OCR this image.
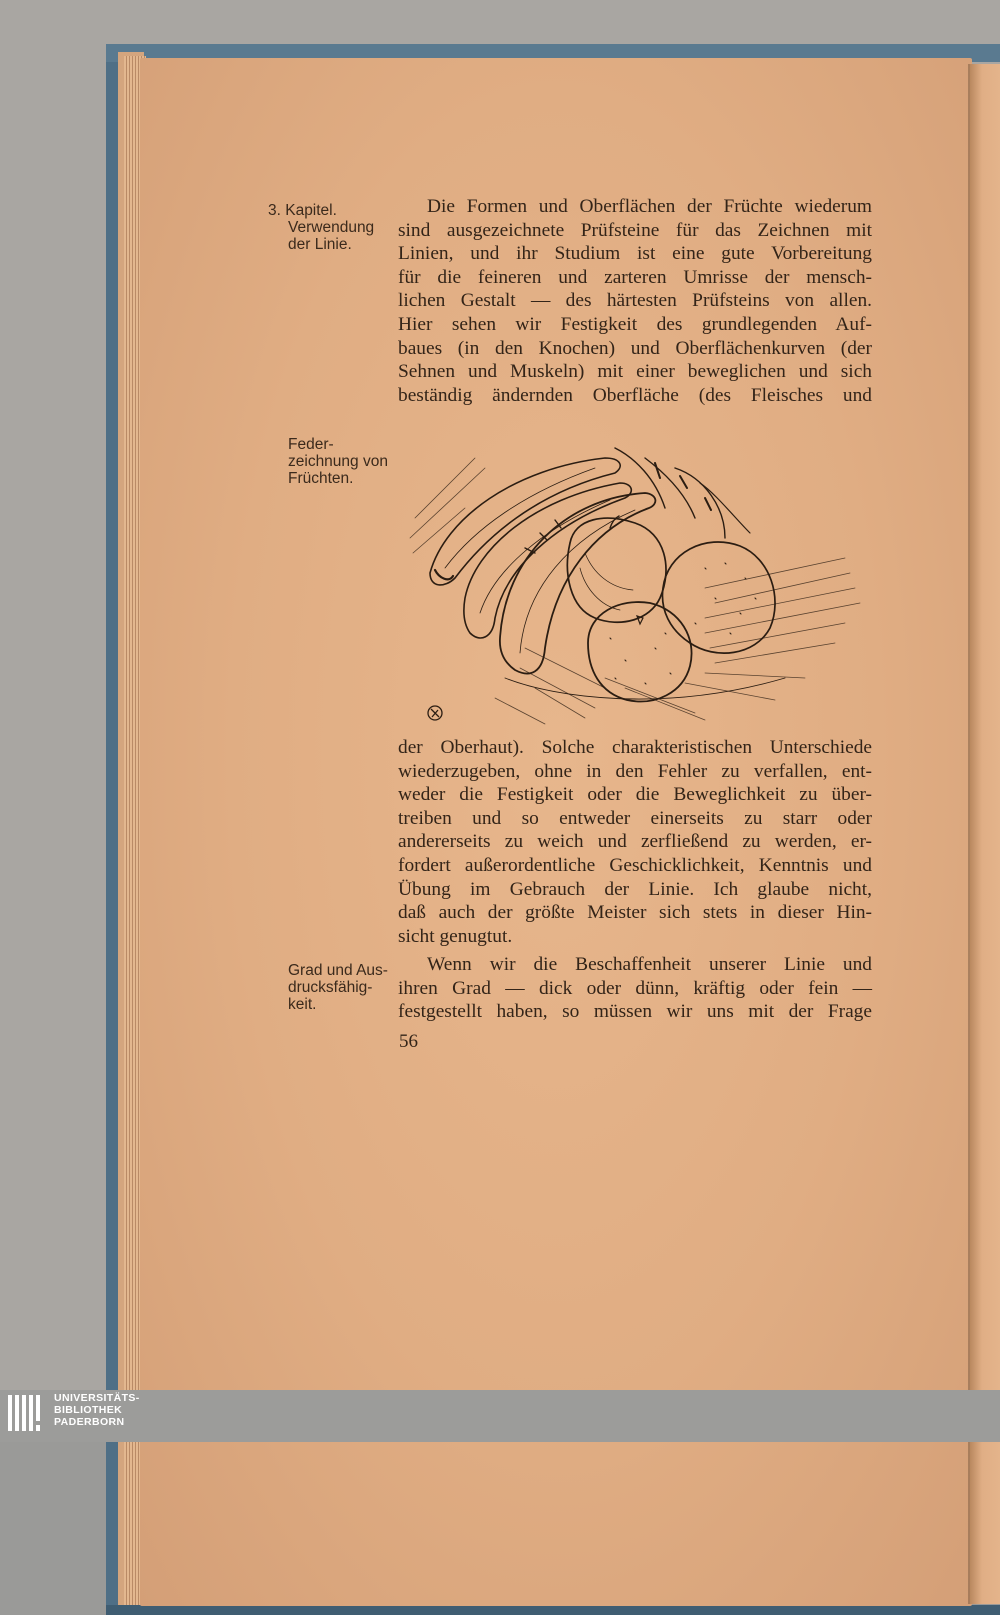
3. Kapitel.
Verwendung
der Linie.
Feder-
zeichnung von
Früchten.
Grad und Aus-
drucksfähig-
keit.
Die Formen und Oberflächen der Früchte wiederum
sind ausgezeichnete Prüfsteine für das Zeichnen mit
Linien, und ihr Studium ist eine gute Vorbereitung
für die feineren und zarteren Umrisse der mensch-
lichen Gestalt — des härtesten Prüfsteins von allen.
Hier sehen wir Festigkeit des grundlegenden Auf-
baues (in den Knochen) und Oberflächenkurven (der
Sehnen und Muskeln) mit einer beweglichen und sich
beständig ändernden Oberfläche (des Fleisches und
der Oberhaut). Solche charakteristischen Unterschiede
wiederzugeben, ohne in den Fehler zu verfallen, ent-
weder die Festigkeit oder die Beweglichkeit zu über-
treiben und so entweder einerseits zu starr oder
andererseits zu weich und zerfließend zu werden, er-
fordert außerordentliche Geschicklichkeit, Kenntnis und
Übung im Gebrauch der Linie. Ich glaube nicht,
daß auch der größte Meister sich stets in dieser Hin-
sicht genugtut.
Wenn wir die Beschaffenheit unserer Linie und
ihren Grad — dick oder dünn, kräftig oder fein —
festgestellt haben, so müssen wir uns mit der Frage
56
UNIVERSITÄTS-
BIBLIOTHEK
PADERBORN
